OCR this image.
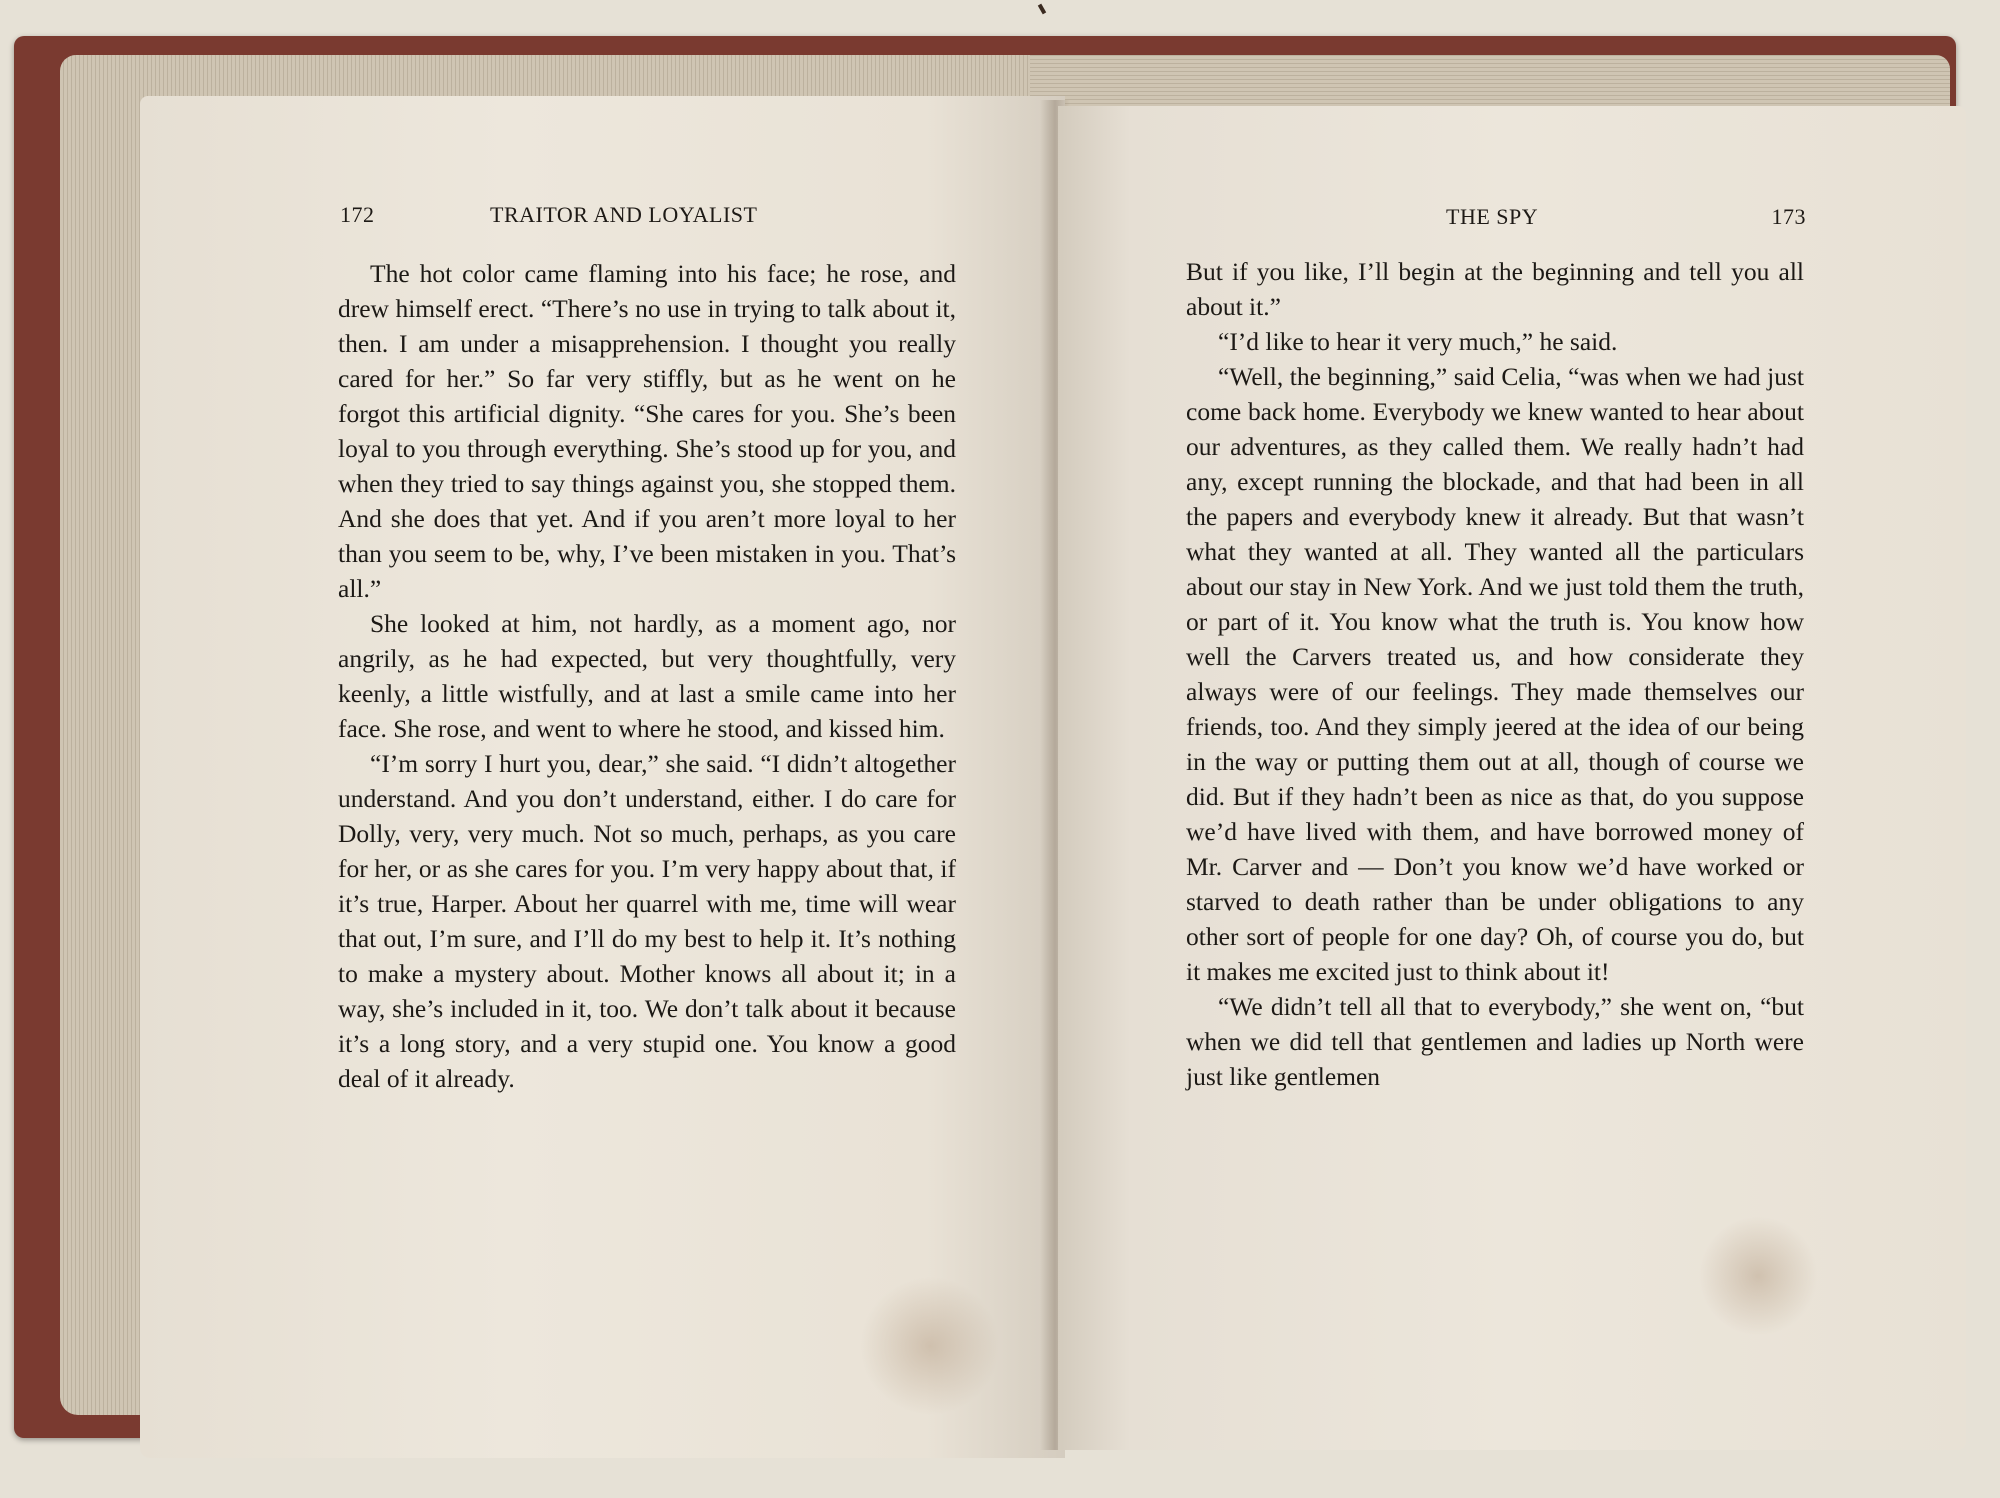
172	TRAITOR AND LOYALIST

The hot color came flaming into his face; he rose, and drew himself erect. “There’s no use in trying to talk about it, then. I am under a misapprehension. I thought you really cared for her.” So far very stiffly, but as he went on he forgot this artificial dignity. “She cares for you. She’s been loyal to you through everything. She’s stood up for you, and when they tried to say things against you, she stopped them. And she does that yet. And if you aren’t more loyal to her than you seem to be, why, I’ve been mistaken in you. That’s all.”

She looked at him, not hardly, as a moment ago, nor angrily, as he had expected, but very thoughtfully, very keenly, a little wistfully, and at last a smile came into her face. She rose, and went to where he stood, and kissed him.

“I’m sorry I hurt you, dear,” she said. “I didn’t altogether understand. And you don’t understand, either. I do care for Dolly, very, very much. Not so much, perhaps, as you care for her, or as she cares for you. I’m very happy about that, if it’s true, Harper. About her quarrel with me, time will wear that out, I’m sure, and I’ll do my best to help it. It’s nothing to make a mystery about. Mother knows all about it; in a way, she’s included in it, too. We don’t talk about it because it’s a long story, and a very stupid one. You know a good deal of it already.

THE SPY	173

But if you like, I’ll begin at the beginning and tell you all about it.”

“I’d like to hear it very much,” he said.

“Well, the beginning,” said Celia, “was when we had just come back home. Everybody we knew wanted to hear about our adventures, as they called them. We really hadn’t had any, except running the blockade, and that had been in all the papers and everybody knew it already. But that wasn’t what they wanted at all. They wanted all the particulars about our stay in New York. And we just told them the truth, or part of it. You know what the truth is. You know how well the Carvers treated us, and how considerate they always were of our feelings. They made themselves our friends, too. And they simply jeered at the idea of our being in the way or putting them out at all, though of course we did. But if they hadn’t been as nice as that, do you suppose we’d have lived with them, and have borrowed money of Mr. Carver and — Don’t you know we’d have worked or starved to death rather than be under obligations to any other sort of people for one day? Oh, of course you do, but it makes me excited just to think about it!

“We didn’t tell all that to everybody,” she went on, “but when we did tell that gentlemen and ladies up North were just like gentlemen
